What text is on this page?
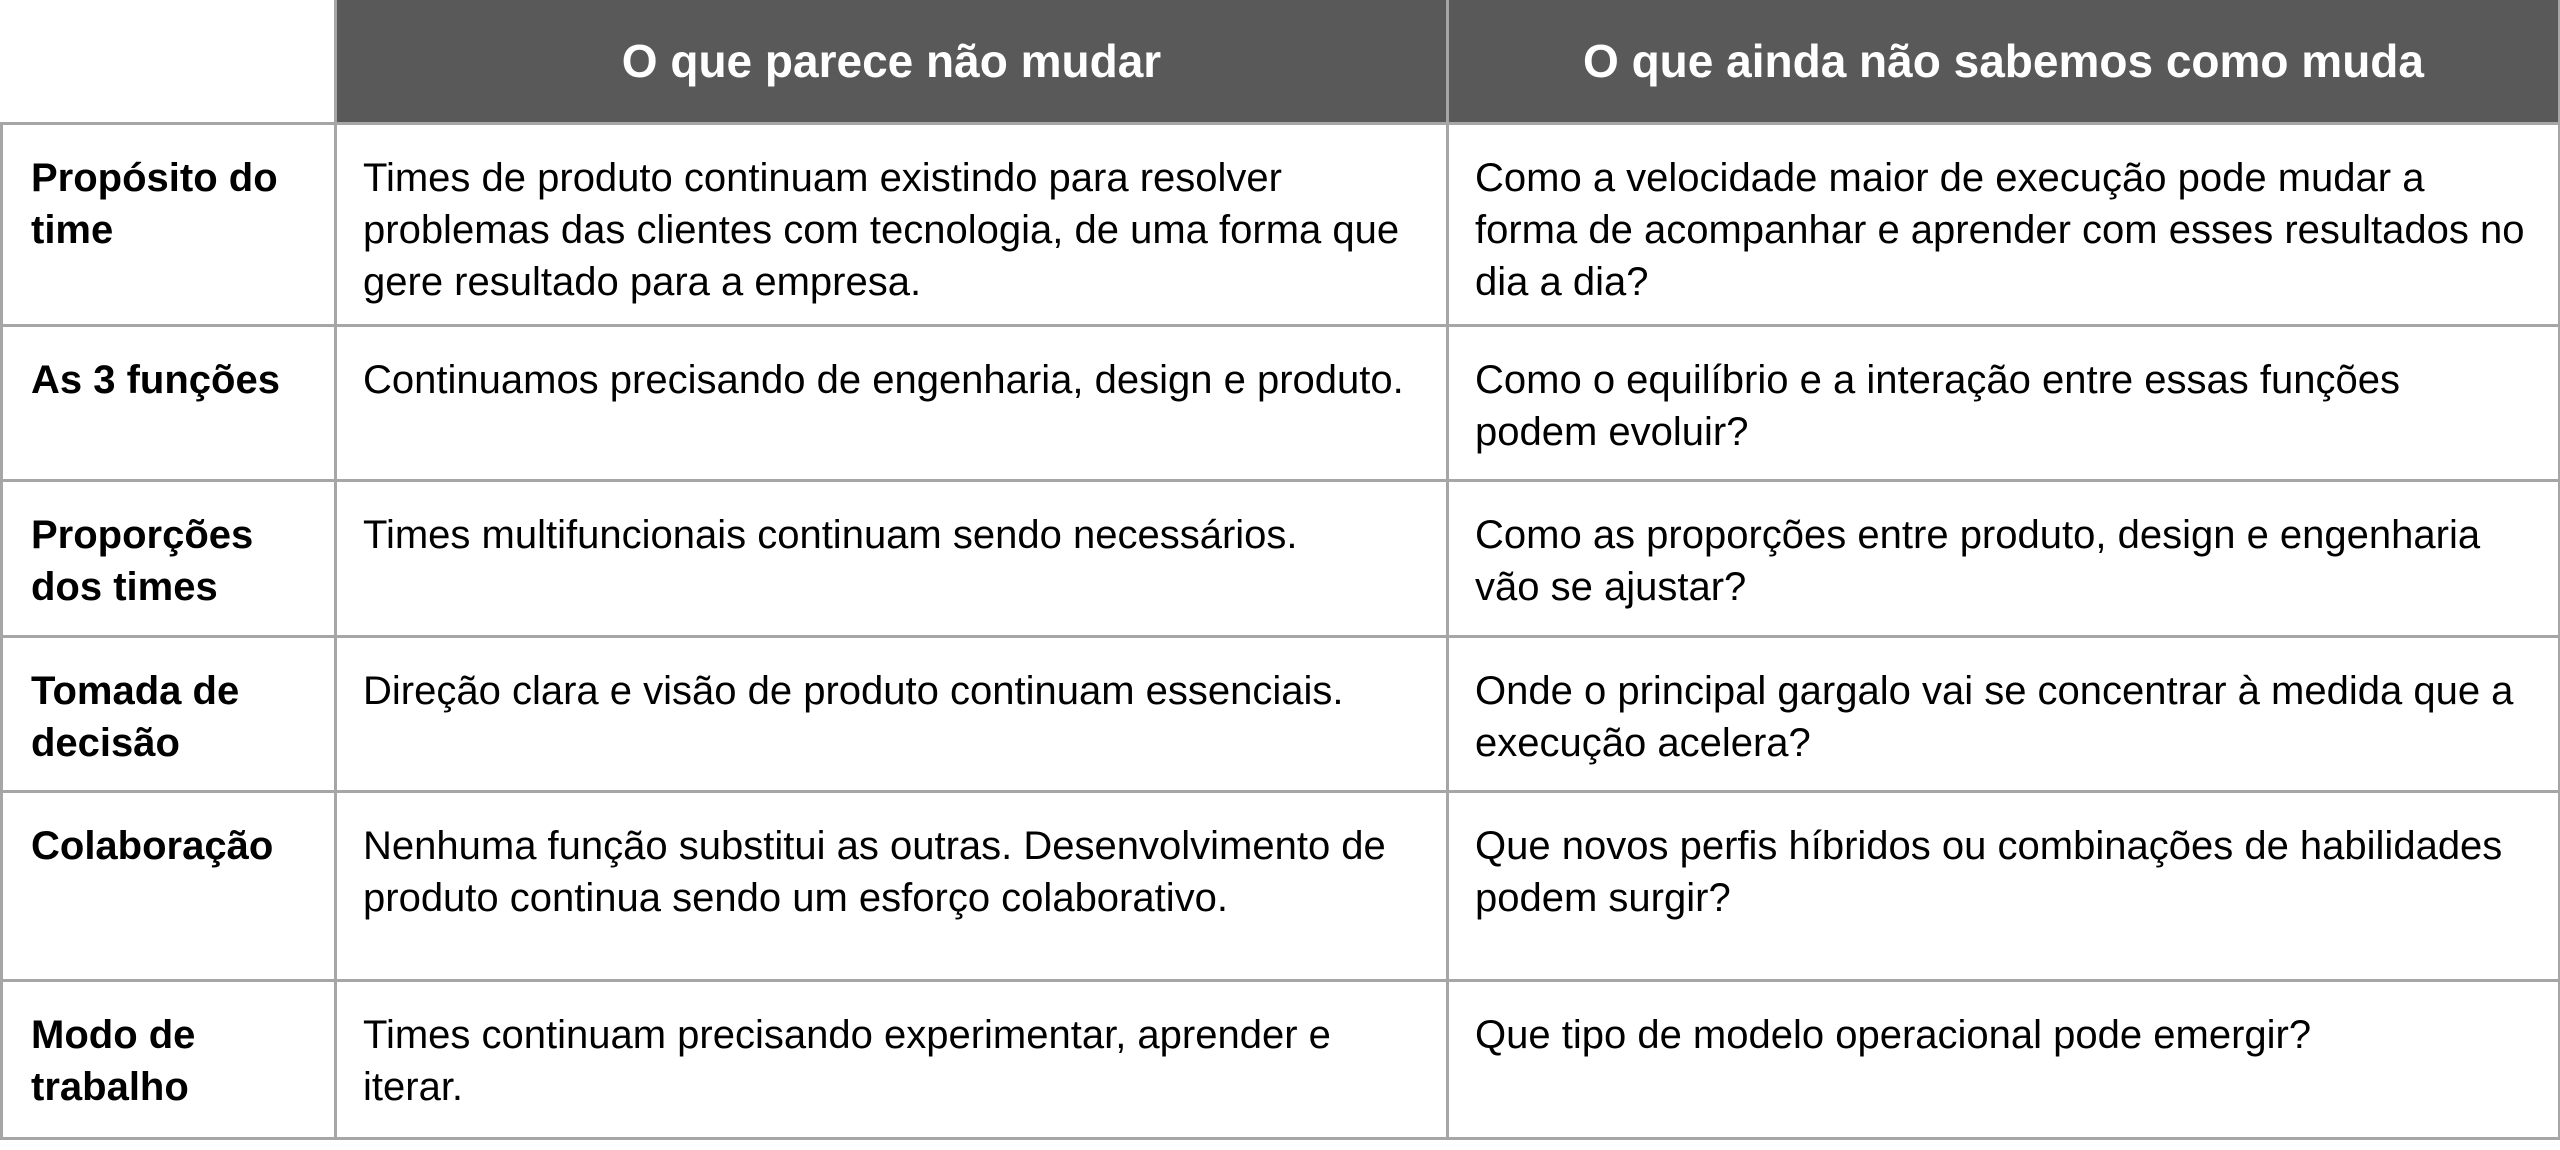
	O que parece não mudar	O que ainda não sabemos como muda
Propósito do time	Times de produto continuam existindo para resolver problemas das clientes com tecnologia, de uma forma que gere resultado para a empresa.	Como a velocidade maior de execução pode mudar a forma de acompanhar e aprender com esses resultados no dia a dia?
As 3 funções	Continuamos precisando de engenharia, design e produto.	Como o equilíbrio e a interação entre essas funções podem evoluir?
Proporções dos times	Times multifuncionais continuam sendo necessários.	Como as proporções entre produto, design e engenharia vão se ajustar?
Tomada de decisão	Direção clara e visão de produto continuam essenciais.	Onde o principal gargalo vai se concentrar à medida que a execução acelera?
Colaboração	Nenhuma função substitui as outras. Desenvolvimento de produto continua sendo um esforço colaborativo.	Que novos perfis híbridos ou combinações de habilidades podem surgir?
Modo de trabalho	Times continuam precisando experimentar, aprender e iterar.	Que tipo de modelo operacional pode emergir?
